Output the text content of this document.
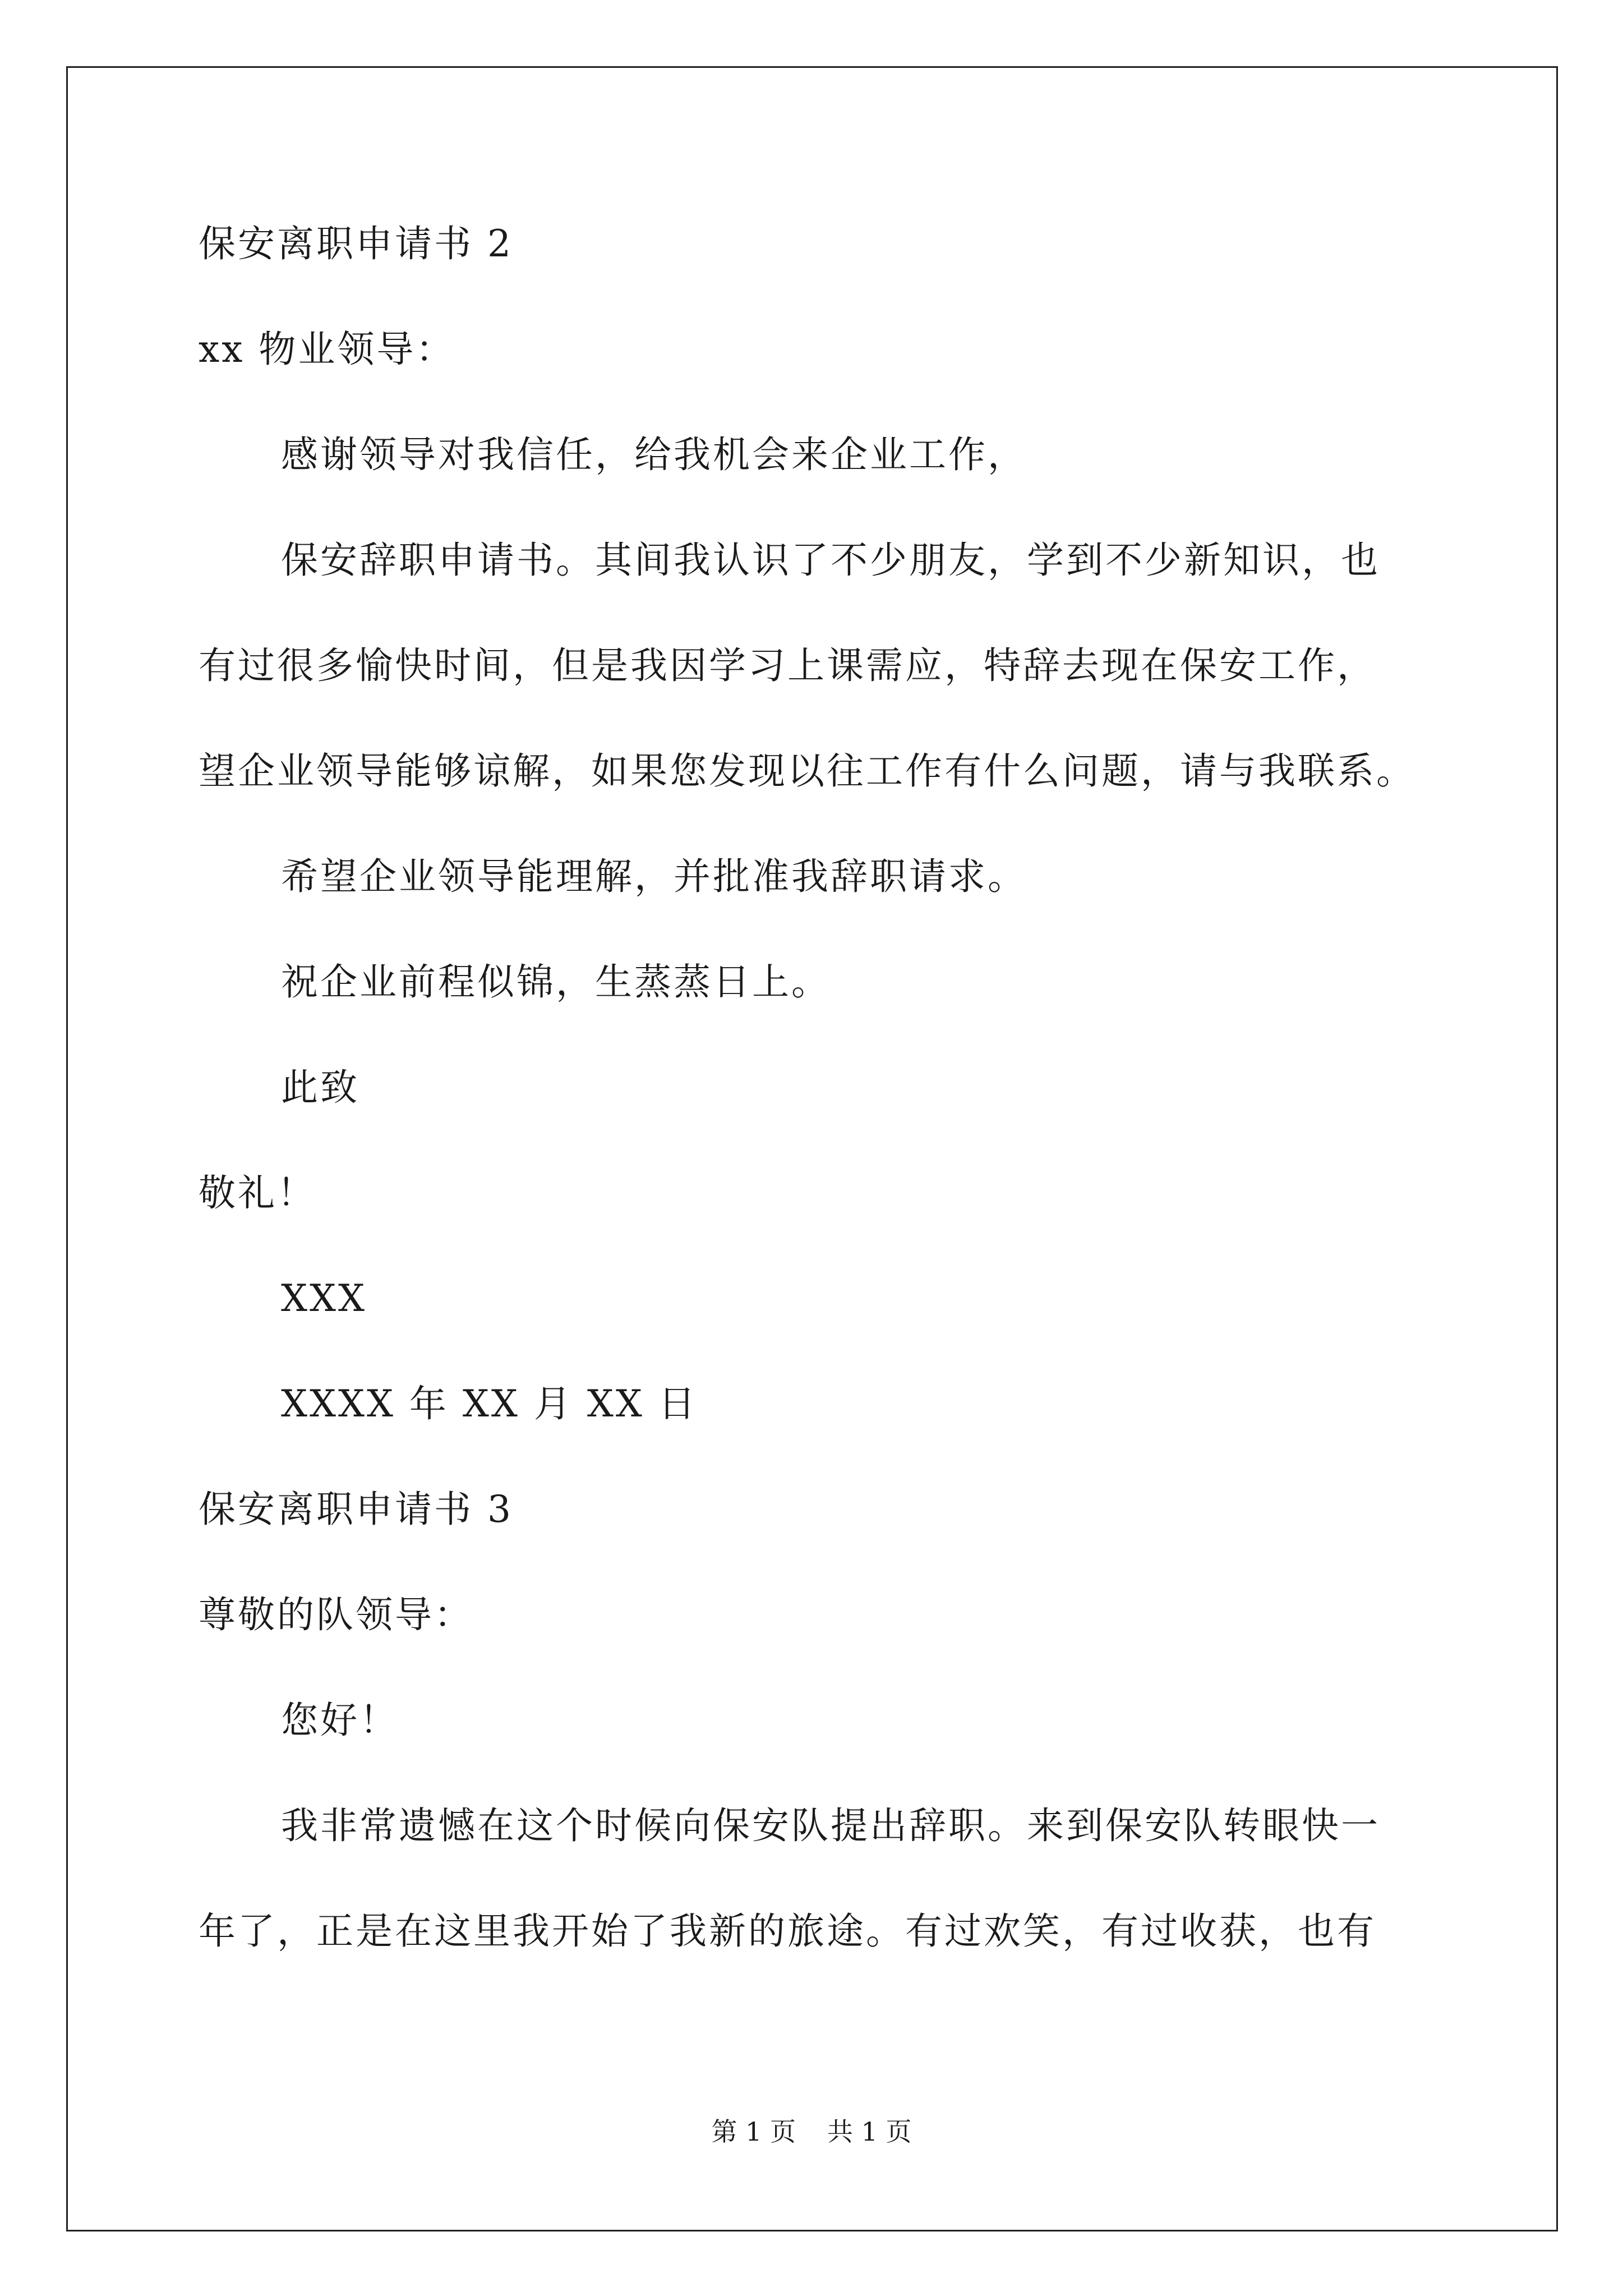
保安离职申请书 2
xx 物业领导：
感谢领导对我信任，给我机会来企业工作，
保安辞职申请书。其间我认识了不少朋友，学到不少新知识，也
有过很多愉快时间，但是我因学习上课需应，特辞去现在保安工作，
望企业领导能够谅解，如果您发现以往工作有什么问题，请与我联系。
希望企业领导能理解，并批准我辞职请求。
祝企业前程似锦，生蒸蒸日上。
此致
敬礼！
XXX
XXXX 年 XX 月 XX 日
保安离职申请书 3
尊敬的队领导：
您好！
我非常遗憾在这个时候向保安队提出辞职。来到保安队转眼快一
年了，正是在这里我开始了我新的旅途。有过欢笑，有过收获，也有
第 1 页 共 1 页
